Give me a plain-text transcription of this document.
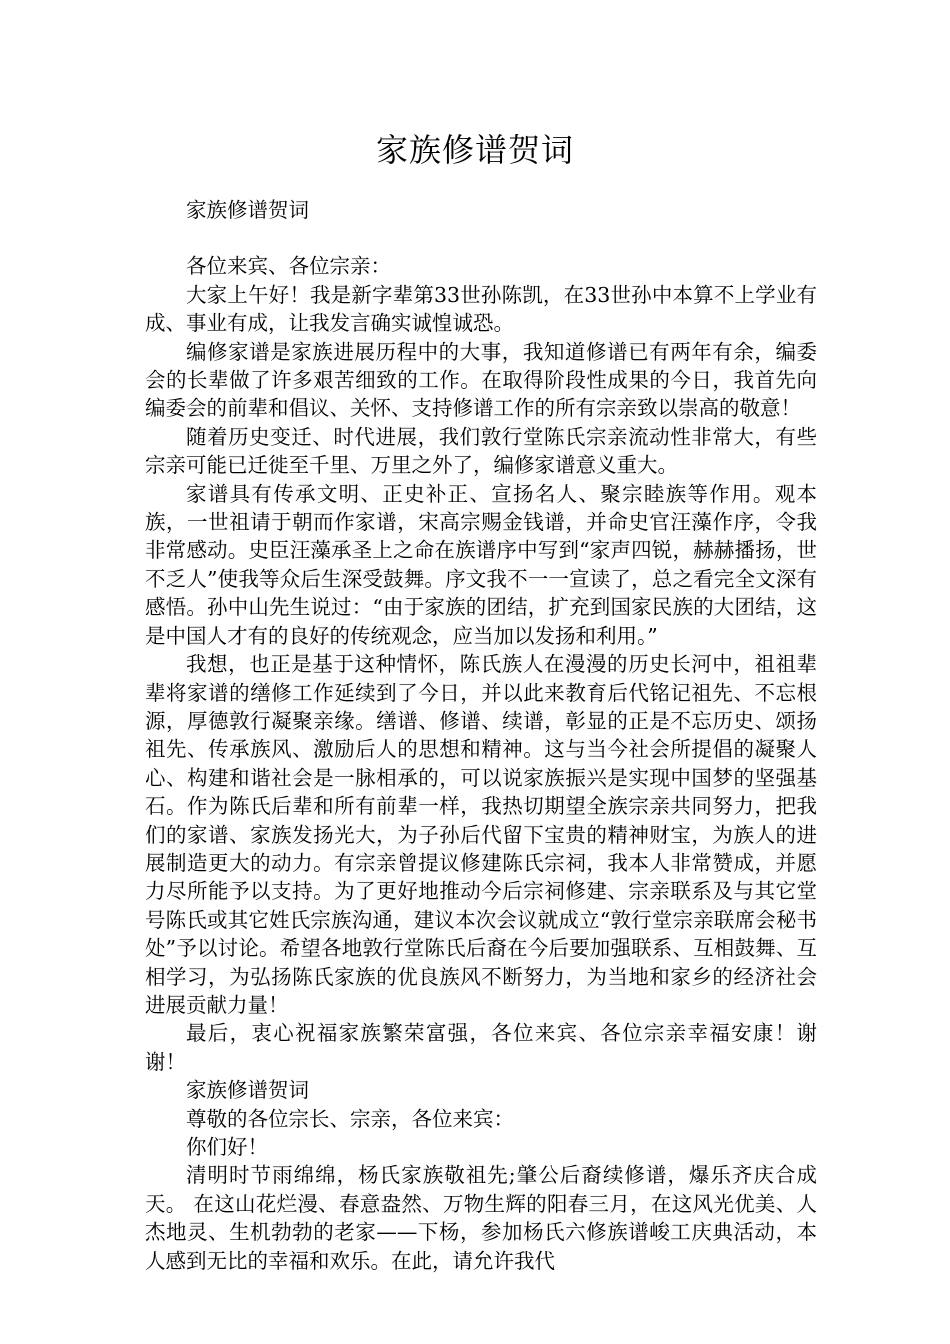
家族修谱贺词

家族修谱贺词

各位来宾、各位宗亲：

大家上午好！我是新字辈第33世孙陈凯，在33世孙中本算不上学业有成、事业有成，让我发言确实诚惶诚恐。

编修家谱是家族进展历程中的大事，我知道修谱已有两年有余，编委会的长辈做了许多艰苦细致的工作。在取得阶段性成果的今日，我首先向编委会的前辈和倡议、关怀、支持修谱工作的所有宗亲致以崇高的敬意！

随着历史变迁、时代进展，我们敦行堂陈氏宗亲流动性非常大，有些宗亲可能已迁徙至千里、万里之外了，编修家谱意义重大。

家谱具有传承文明、正史补正、宣扬名人、聚宗睦族等作用。观本族，一世祖请于朝而作家谱，宋高宗赐金钱谱，并命史官汪藻作序，令我非常感动。史臣汪藻承圣上之命在族谱序中写到“家声四锐，赫赫播扬，世不乏人”使我等众后生深受鼓舞。序文我不一一宣读了，总之看完全文深有感悟。孙中山先生说过：“由于家族的团结，扩充到国家民族的大团结，这是中国人才有的良好的传统观念，应当加以发扬和利用。”

我想，也正是基于这种情怀，陈氏族人在漫漫的历史长河中，祖祖辈辈将家谱的缮修工作延续到了今日，并以此来教育后代铭记祖先、不忘根源，厚德敦行凝聚亲缘。缮谱、修谱、续谱，彰显的正是不忘历史、颂扬祖先、传承族风、激励后人的思想和精神。这与当今社会所提倡的凝聚人心、构建和谐社会是一脉相承的，可以说家族振兴是实现中国梦的坚强基石。作为陈氏后辈和所有前辈一样，我热切期望全族宗亲共同努力，把我们的家谱、家族发扬光大，为子孙后代留下宝贵的精神财宝，为族人的进展制造更大的动力。有宗亲曾提议修建陈氏宗祠，我本人非常赞成，并愿力尽所能予以支持。为了更好地推动今后宗祠修建、宗亲联系及与其它堂号陈氏或其它姓氏宗族沟通，建议本次会议就成立“敦行堂宗亲联席会秘书处”予以讨论。希望各地敦行堂陈氏后裔在今后要加强联系、互相鼓舞、互相学习，为弘扬陈氏家族的优良族风不断努力，为当地和家乡的经济社会进展贡献力量！

最后，衷心祝福家族繁荣富强，各位来宾、各位宗亲幸福安康！谢谢！

家族修谱贺词

尊敬的各位宗长、宗亲，各位来宾：

你们好！

清明时节雨绵绵，杨氏家族敬祖先;肇公后裔续修谱，爆乐齐庆合成天。 在这山花烂漫、春意盎然、万物生辉的阳春三月，在这风光优美、人杰地灵、生机勃勃的老家——下杨，参加杨氏六修族谱峻工庆典活动，本人感到无比的幸福和欢乐。在此，请允许我代
